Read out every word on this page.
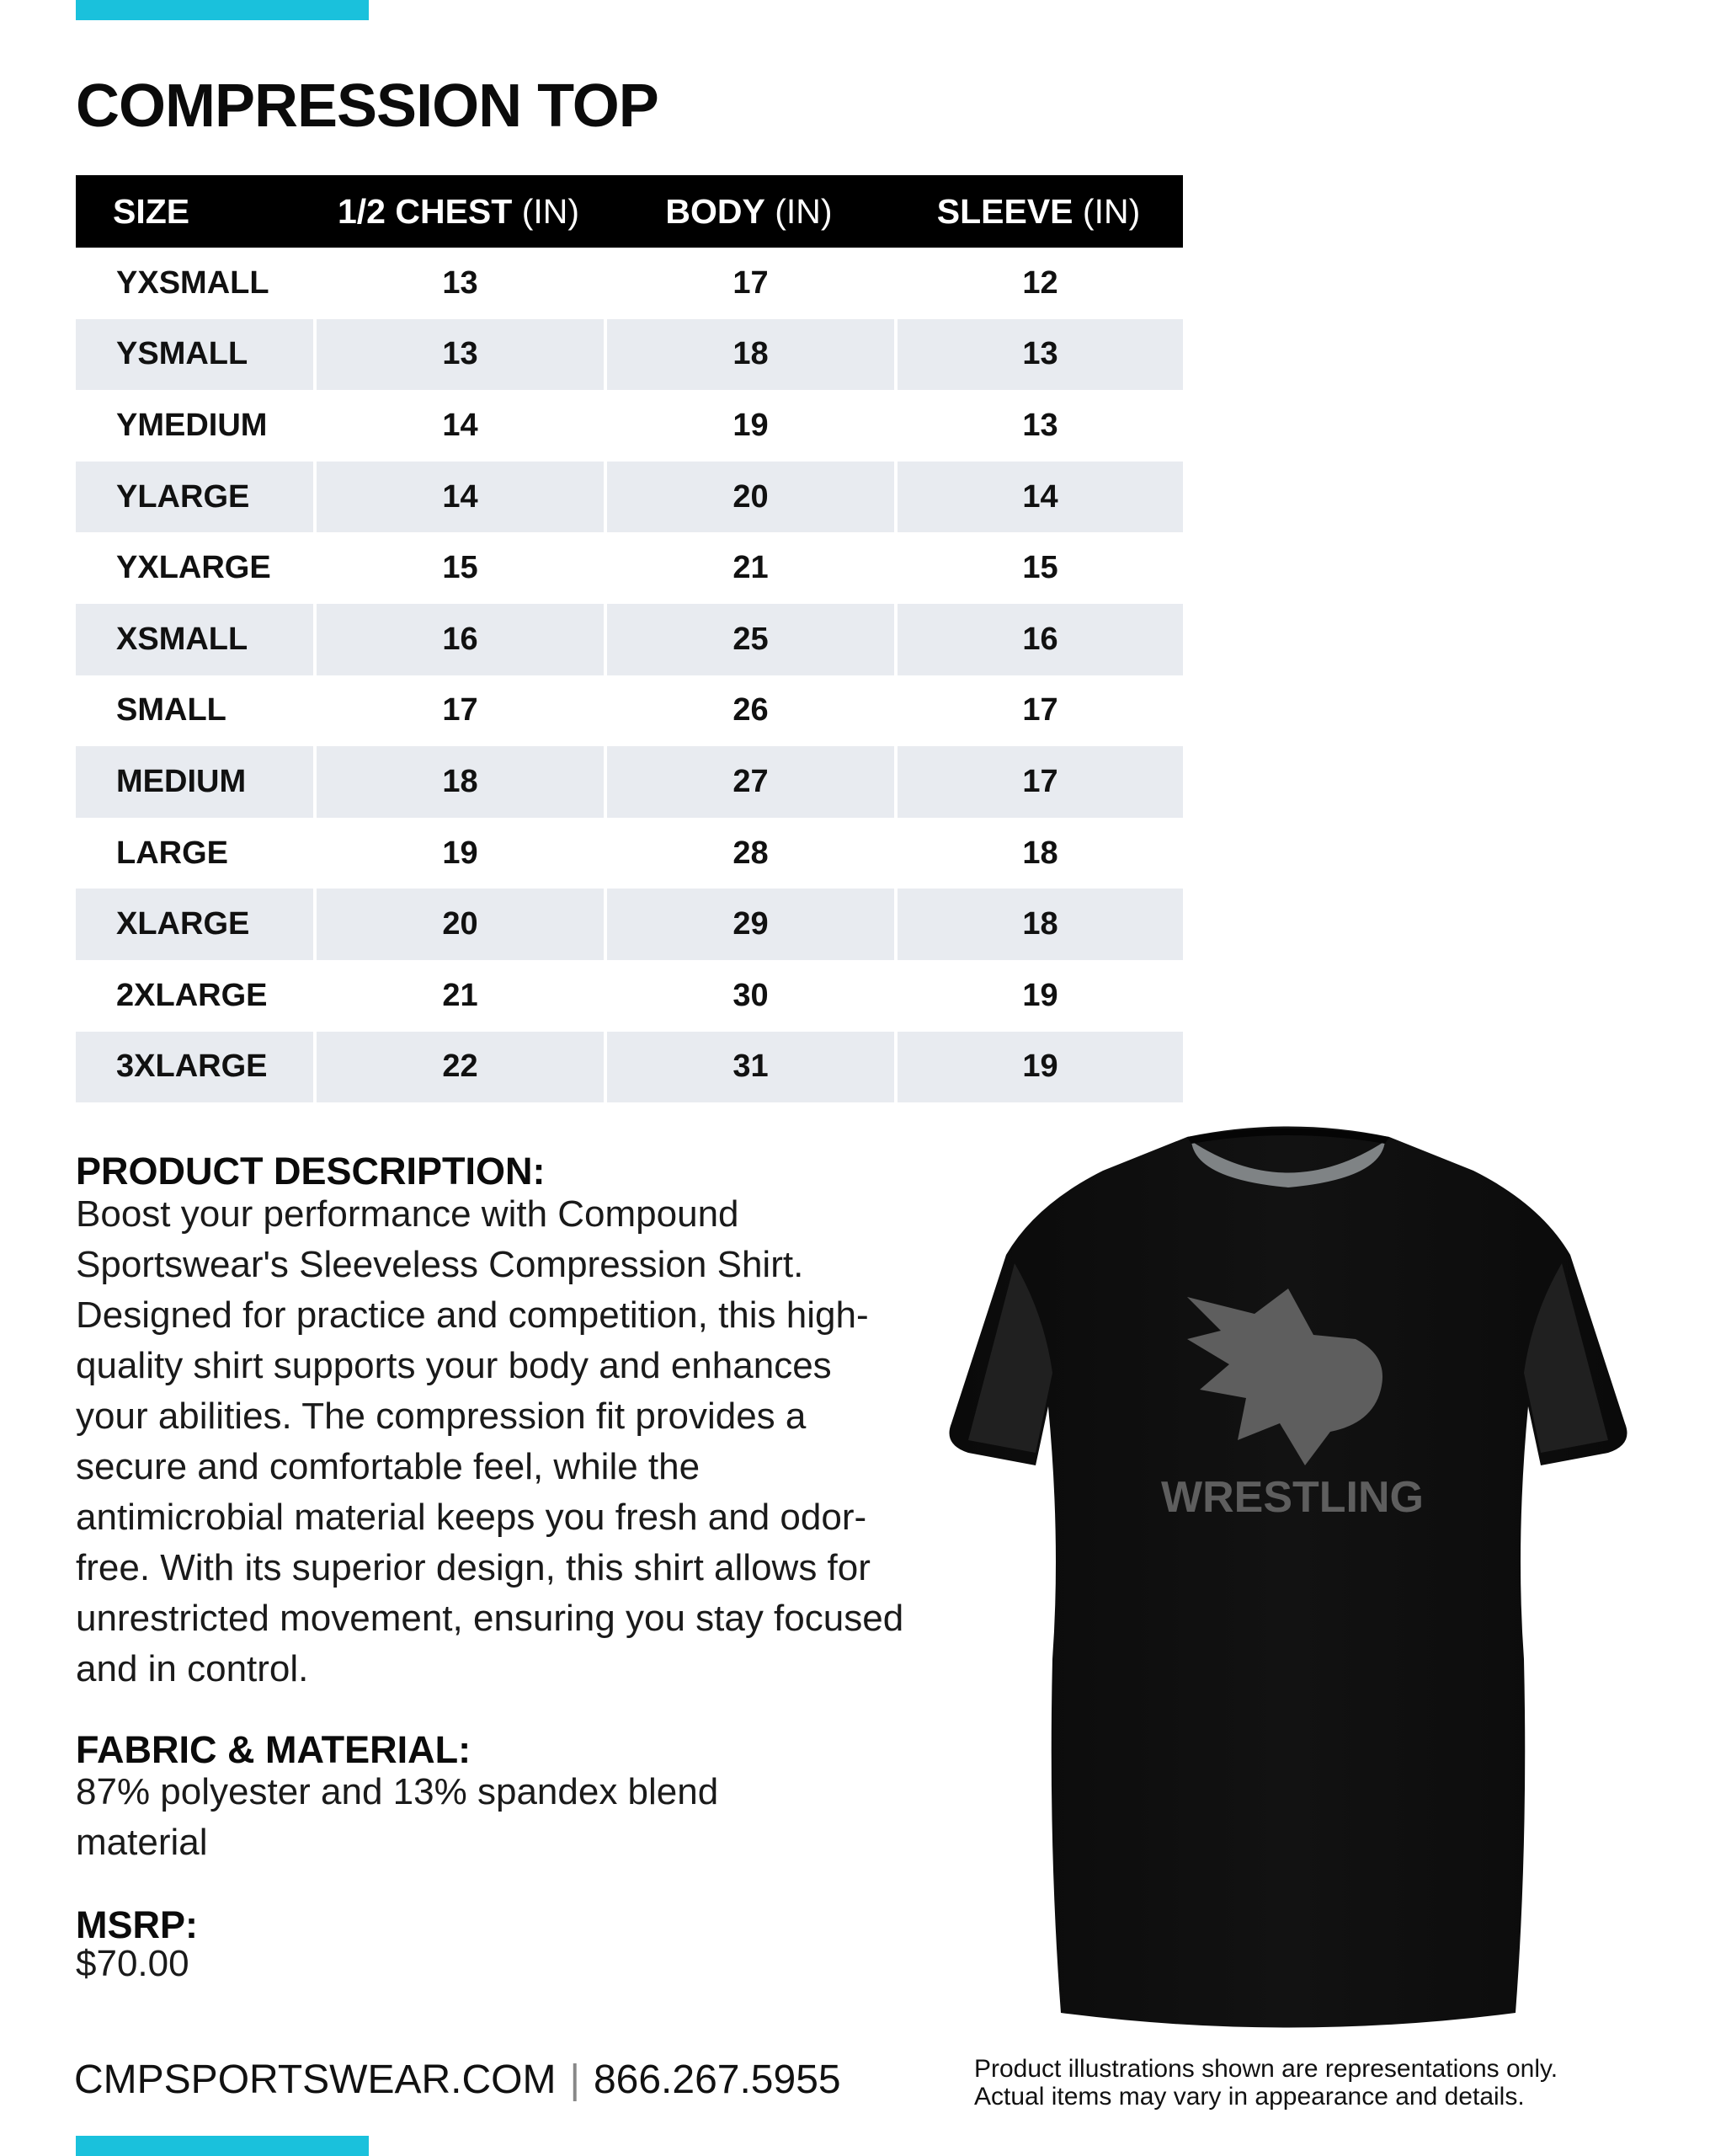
COMPRESSION TOP
SIZE	1/2 CHEST (IN)	BODY (IN)	SLEEVE (IN)
YXSMALL	13	17	12
YSMALL	13	18	13
YMEDIUM	14	19	13
YLARGE	14	20	14
YXLARGE	15	21	15
XSMALL	16	25	16
SMALL	17	26	17
MEDIUM	18	27	17
LARGE	19	28	18
XLARGE	20	29	18
2XLARGE	21	30	19
3XLARGE	22	31	19
PRODUCT DESCRIPTION:

Boost your performance with Compound Sportswear's Sleeveless Compression Shirt. Designed for practice and competition, this high-quality shirt supports your body and enhances your abilities. The compression fit provides a secure and comfortable feel, while the antimicrobial material keeps you fresh and odor-free. With its superior design, this shirt allows for unrestricted movement, ensuring you stay focused and in control.

FABRIC & MATERIAL:

87% polyester and 13% spandex blend material

MSRP:

$70.00

WRESTLING

CMPSPORTSWEAR.COM | 866.267.5955	Product illustrations shown are representations only.
Actual items may vary in appearance and details.
